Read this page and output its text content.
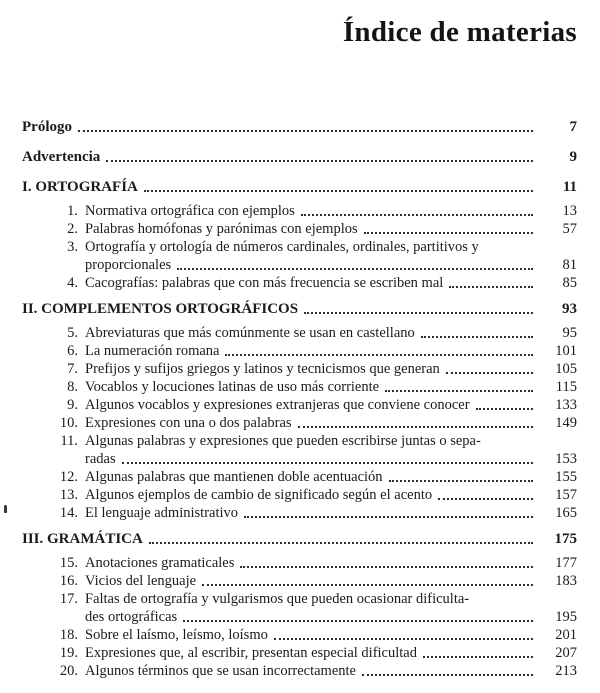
Índice de materias
Prólogo	7
Advertencia	9
I. ORTOGRAFÍA	11
1. Normativa ortográfica con ejemplos	13
2. Palabras homófonas y parónimas con ejemplos	57
3. Ortografía y ortología de números cardinales, ordinales, partitivos y
proporcionales	81
4. Cacografías: palabras que con más frecuencia se escriben mal	85
II. COMPLEMENTOS ORTOGRÁFICOS	93
5. Abreviaturas que más comúnmente se usan en castellano	95
6. La numeración romana	101
7. Prefijos y sufijos griegos y latinos y tecnicismos que generan	105
8. Vocablos y locuciones latinas de uso más corriente	115
9. Algunos vocablos y expresiones extranjeras que conviene conocer	133
10. Expresiones con una o dos palabras	149
11. Algunas palabras y expresiones que pueden escribirse juntas o sepa-
radas	153
12. Algunas palabras que mantienen doble acentuación	155
13. Algunos ejemplos de cambio de significado según el acento	157
14. El lenguaje administrativo	165
III. GRAMÁTICA	175
15. Anotaciones gramaticales	177
16. Vicios del lenguaje	183
17. Faltas de ortografía y vulgarismos que pueden ocasionar dificulta-
des ortográficas	195
18. Sobre el laísmo, leísmo, loísmo	201
19. Expresiones que, al escribir, presentan especial dificultad	207
20. Algunos términos que se usan incorrectamente	213
